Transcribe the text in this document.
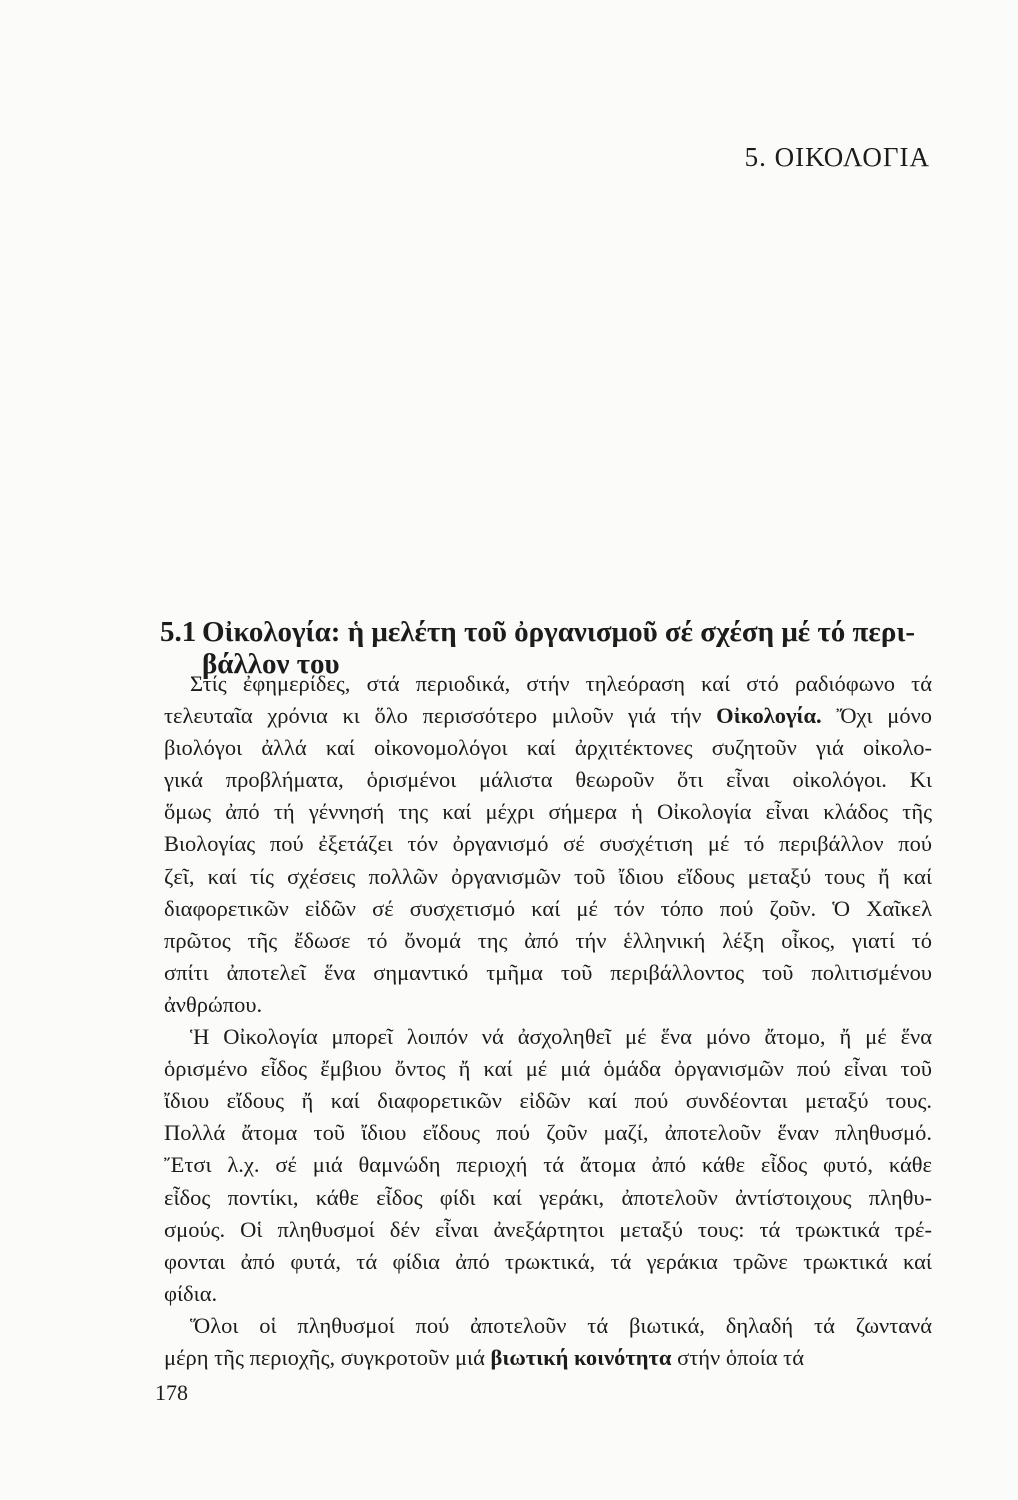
5. ΟΙΚΟΛΟΓΙΑ
5.1 Οἰκολογία: ἡ μελέτη τοῦ ὀργανισμοῦ σέ σχέση μέ τό περι-
βάλλον του
Στίς ἐφημερίδες, στά περιοδικά, στήν τηλεόραση καί στό ραδιόφωνο τά
τελευταῖα χρόνια κι ὅλο περισσότερο μιλοῦν γιά τήν Οἰκολογία. Ὄχι μόνο
βιολόγοι ἀλλά καί οἰκονομολόγοι καί ἀρχιτέκτονες συζητοῦν γιά οἰκολο-
γικά προβλήματα, ὁρισμένοι μάλιστα θεωροῦν ὅτι εἶναι οἰκολόγοι. Κι
ὅμως ἀπό τή γέννησή της καί μέχρι σήμερα ἡ Οἰκολογία εἶναι κλάδος τῆς
Βιολογίας πού ἐξετάζει τόν ὀργανισμό σέ συσχέτιση μέ τό περιβάλλον πού
ζεῖ, καί τίς σχέσεις πολλῶν ὀργανισμῶν τοῦ ἴδιου εἴδους μεταξύ τους ἤ καί
διαφορετικῶν εἰδῶν σέ συσχετισμό καί μέ τόν τόπο πού ζοῦν. Ὁ Χαῖκελ
πρῶτος τῆς ἔδωσε τό ὄνομά της ἀπό τήν ἑλληνική λέξη οἶκος, γιατί τό
σπίτι ἀποτελεῖ ἕνα σημαντικό τμῆμα τοῦ περιβάλλοντος τοῦ πολιτισμένου
ἀνθρώπου.
Ἡ Οἰκολογία μπορεῖ λοιπόν νά ἀσχοληθεῖ μέ ἕνα μόνο ἄτομο, ἤ μέ ἕνα
ὁρισμένο εἶδος ἔμβιου ὄντος ἤ καί μέ μιά ὁμάδα ὀργανισμῶν πού εἶναι τοῦ
ἴδιου εἴδους ἤ καί διαφορετικῶν εἰδῶν καί πού συνδέονται μεταξύ τους.
Πολλά ἄτομα τοῦ ἴδιου εἴδους πού ζοῦν μαζί, ἀποτελοῦν ἕναν πληθυσμό.
Ἔτσι λ.χ. σέ μιά θαμνώδη περιοχή τά ἄτομα ἀπό κάθε εἶδος φυτό, κάθε
εἶδος ποντίκι, κάθε εἶδος φίδι καί γεράκι, ἀποτελοῦν ἀντίστοιχους πληθυ-
σμούς. Οἱ πληθυσμοί δέν εἶναι ἀνεξάρτητοι μεταξύ τους: τά τρωκτικά τρέ-
φονται ἀπό φυτά, τά φίδια ἀπό τρωκτικά, τά γεράκια τρῶνε τρωκτικά καί
φίδια.
Ὅλοι οἱ πληθυσμοί πού ἀποτελοῦν τά βιωτικά, δηλαδή τά ζωντανά
μέρη τῆς περιοχῆς, συγκροτοῦν μιά βιωτική κοινότητα στήν ὁποία τά
178
